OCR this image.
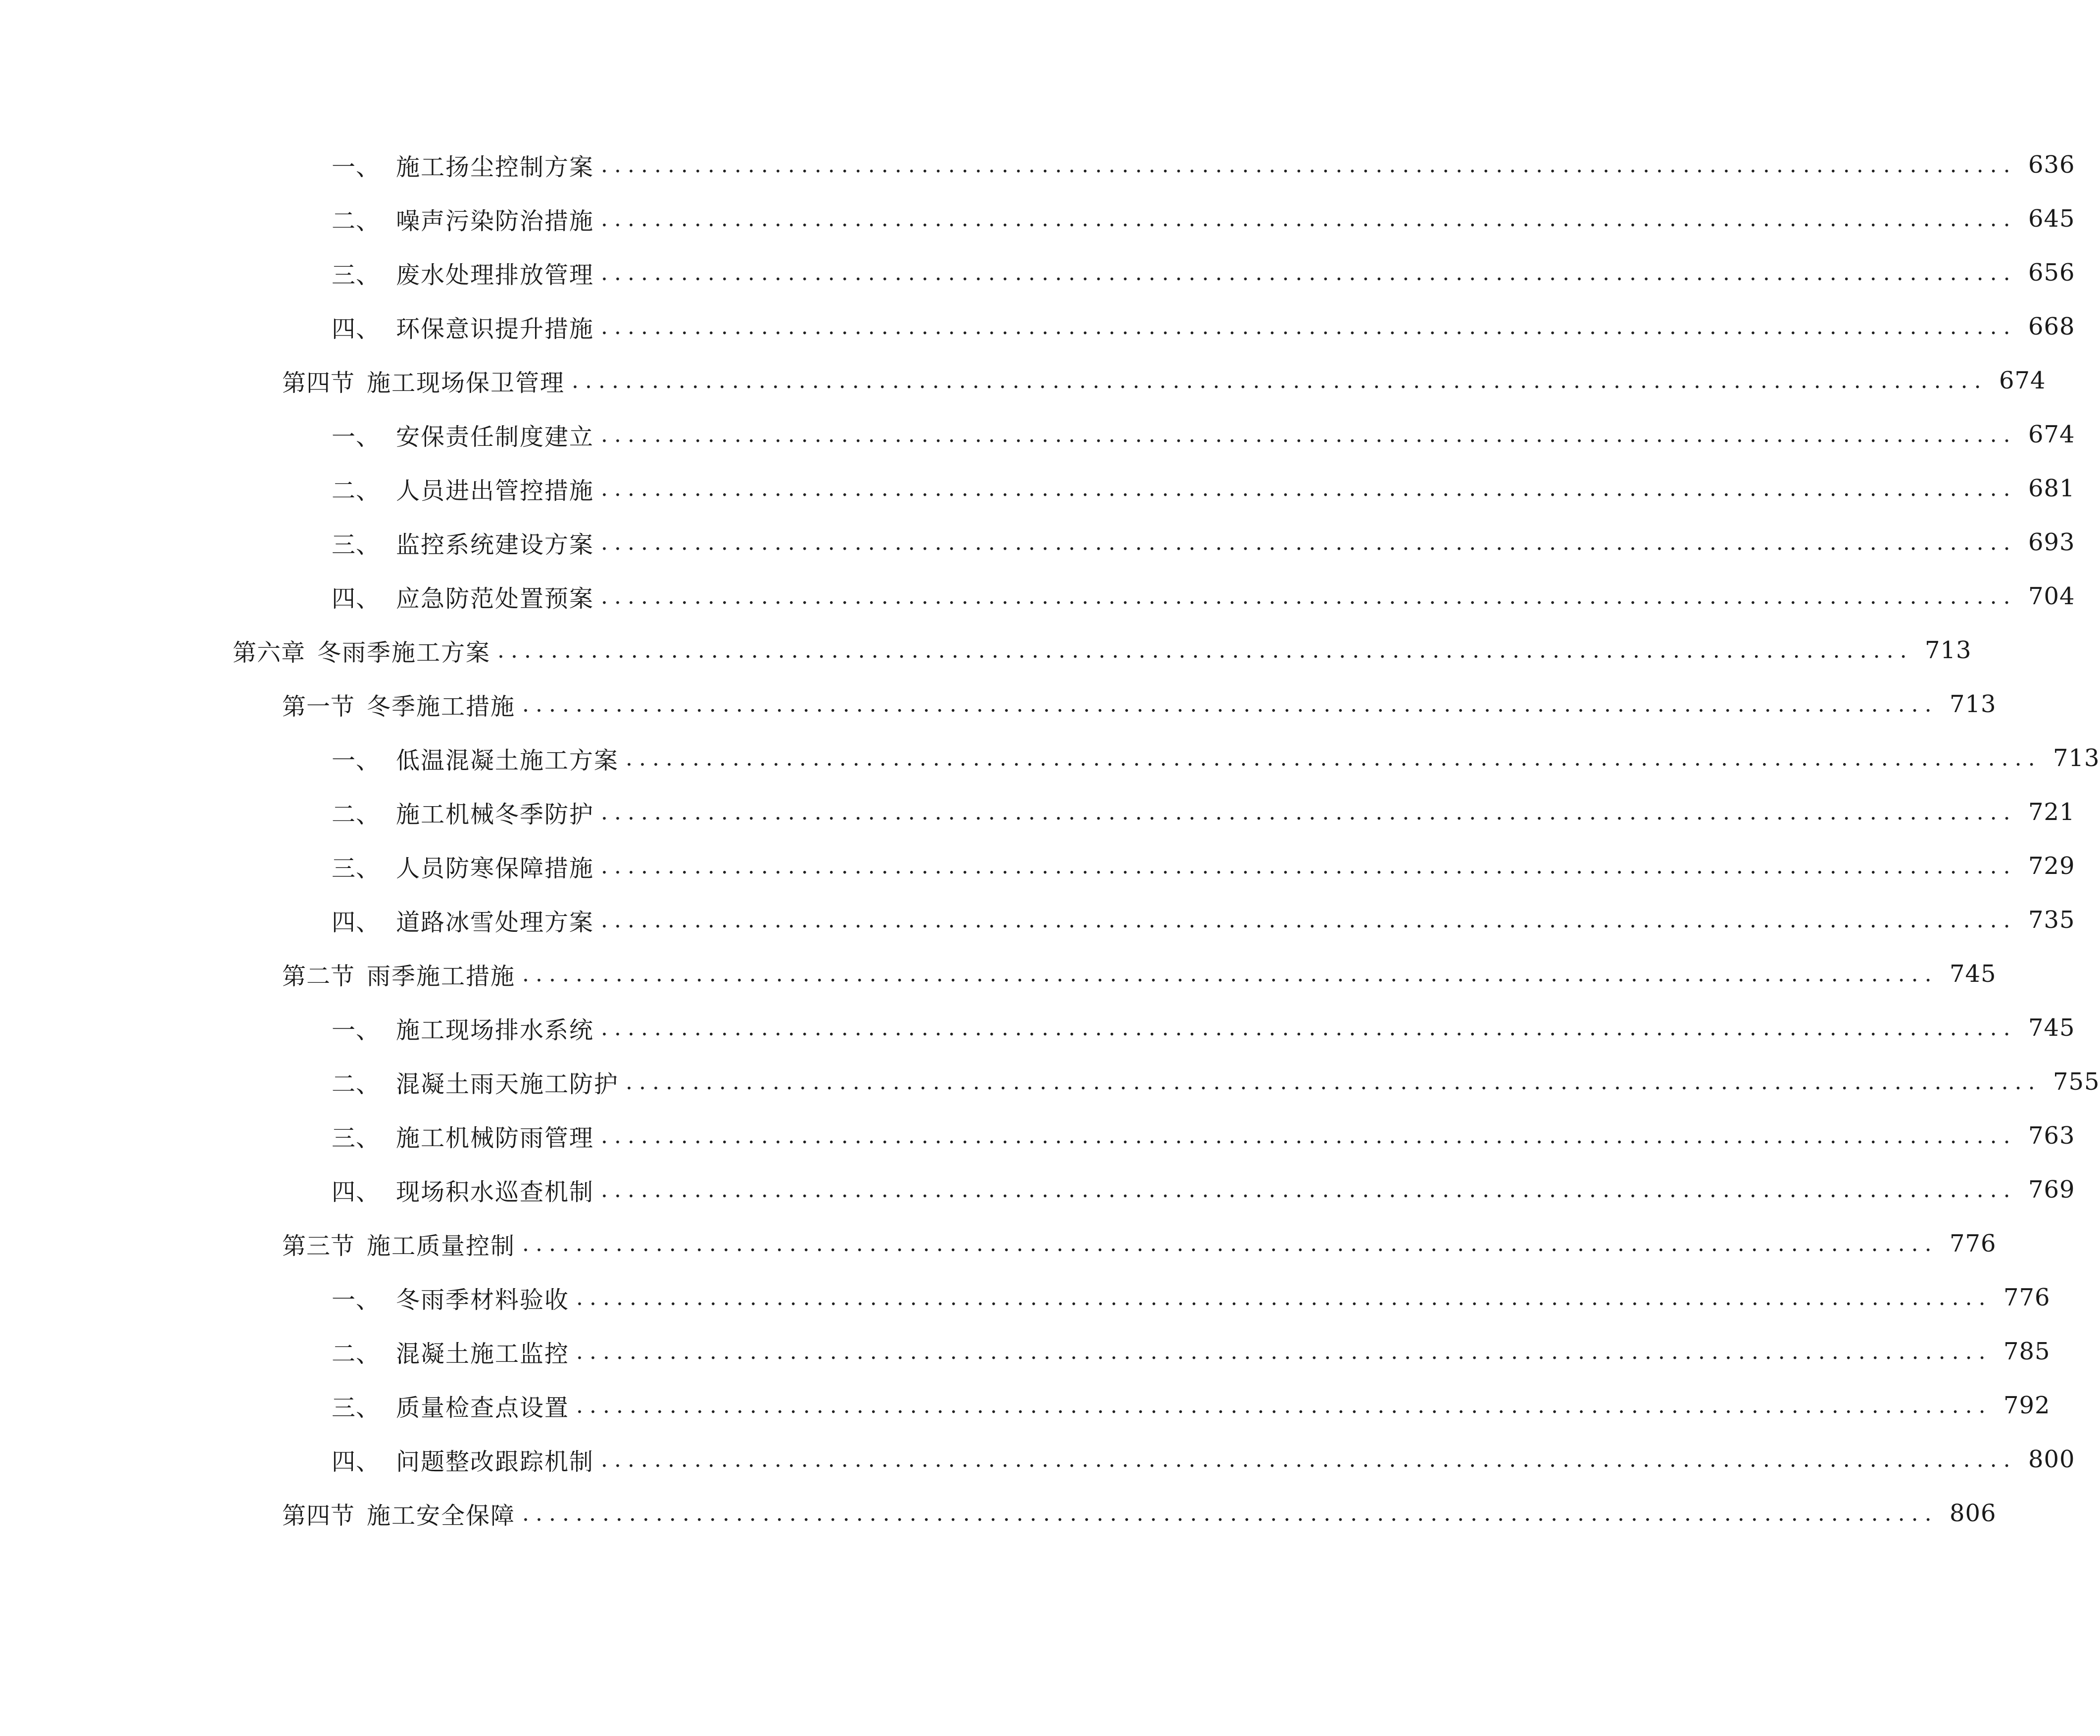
一、 施工扬尘控制方案 .......................................................................................................... 636
二、 噪声污染防治措施 .......................................................................................................... 645
三、 废水处理排放管理 .......................................................................................................... 656
四、 环保意识提升措施 .......................................................................................................... 668
第四节 施工现场保卫管理 .......................................................................................................... 674
一、 安保责任制度建立 .......................................................................................................... 674
二、 人员进出管控措施 .......................................................................................................... 681
三、 监控系统建设方案 .......................................................................................................... 693
四、 应急防范处置预案 .......................................................................................................... 704
第六章 冬雨季施工方案 .......................................................................................................... 713
第一节 冬季施工措施 .......................................................................................................... 713
一、 低温混凝土施工方案 .......................................................................................................... 713
二、 施工机械冬季防护 .......................................................................................................... 721
三、 人员防寒保障措施 .......................................................................................................... 729
四、 道路冰雪处理方案 .......................................................................................................... 735
第二节 雨季施工措施 .......................................................................................................... 745
一、 施工现场排水系统 .......................................................................................................... 745
二、 混凝土雨天施工防护 .......................................................................................................... 755
三、 施工机械防雨管理 .......................................................................................................... 763
四、 现场积水巡查机制 .......................................................................................................... 769
第三节 施工质量控制 .......................................................................................................... 776
一、 冬雨季材料验收 .......................................................................................................... 776
二、 混凝土施工监控 .......................................................................................................... 785
三、 质量检查点设置 .......................................................................................................... 792
四、 问题整改跟踪机制 .......................................................................................................... 800
第四节 施工安全保障 .......................................................................................................... 806
